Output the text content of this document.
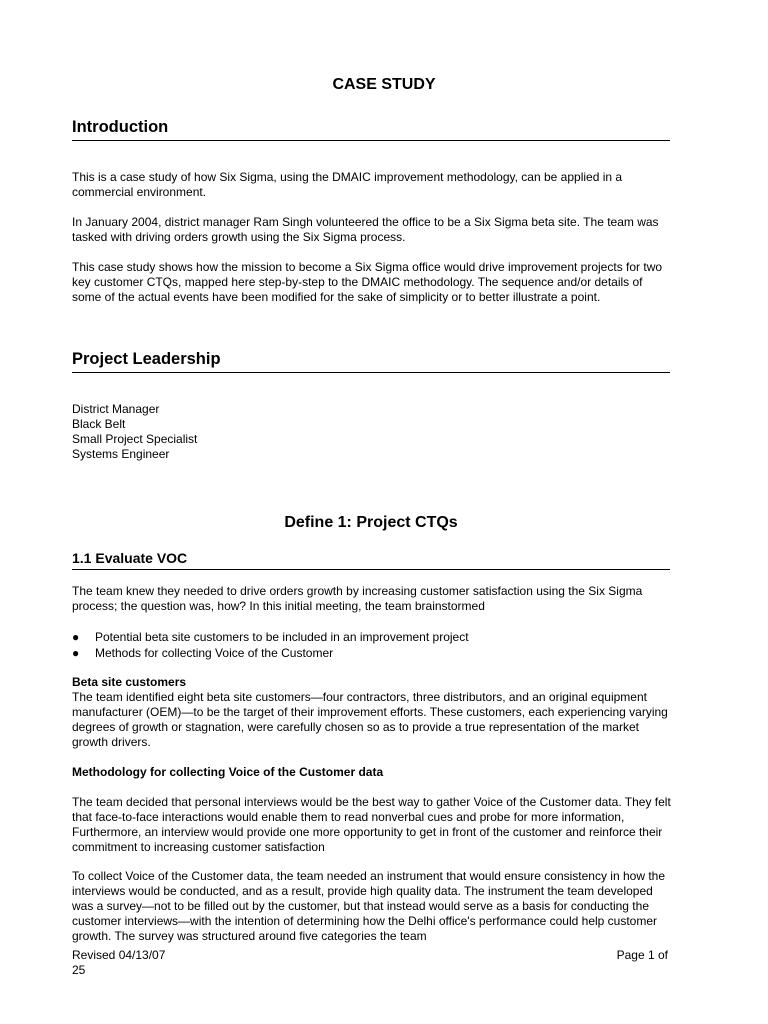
CASE STUDY
Introduction

This is a case study of how Six Sigma, using the DMAIC improvement methodology, can be applied in a commercial environment.

In January 2004, district manager Ram Singh volunteered the office to be a Six Sigma beta site. The team was tasked with driving orders growth using the Six Sigma process.

This case study shows how the mission to become a Six Sigma office would drive improvement projects for two key customer CTQs, mapped here step-by-step to the DMAIC methodology. The sequence and/or details of some of the actual events have been modified for the sake of simplicity or to better illustrate a point.

Project Leadership
District Manager
Black Belt
Small Project Specialist
Systems Engineer
Define 1: Project CTQs
1.1 Evaluate VOC

The team knew they needed to drive orders growth by increasing customer satisfaction using the Six Sigma process; the question was, how? In this initial meeting, the team brainstormed

●	Potential beta site customers to be included in an improvement project
●	Methods for collecting Voice of the Customer
Beta site customers

The team identified eight beta site customers—four contractors, three distributors, and an original equipment manufacturer (OEM)—to be the target of their improvement efforts. These customers, each experiencing varying degrees of growth or stagnation, were carefully chosen so as to provide a true representation of the market growth drivers.

Methodology for collecting Voice of the Customer data

The team decided that personal interviews would be the best way to gather Voice of the Customer data. They felt that face-to-face interactions would enable them to read nonverbal cues and probe for more information, Furthermore, an interview would provide one more opportunity to get in front of the customer and reinforce their commitment to increasing customer satisfaction

To collect Voice of the Customer data, the team needed an instrument that would ensure consistency in how the interviews would be conducted, and as a result, provide high quality data. The instrument the team developed was a survey—not to be filled out by the customer, but that instead would serve as a basis for conducting the customer interviews—with the intention of determining how the Delhi office's performance could help customer growth. The survey was structured around five categories the team

Revised 04/13/07	Page 1 of
25
